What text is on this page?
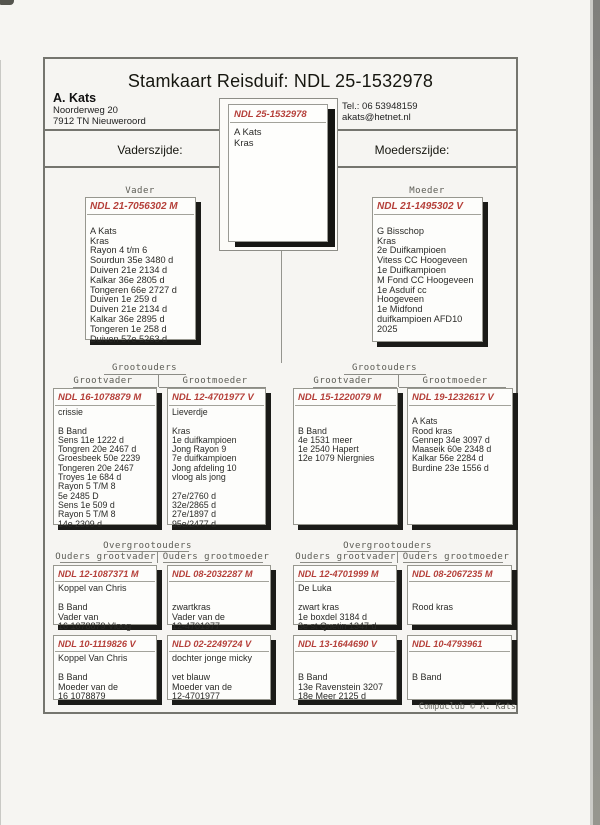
Stamkaart Reisduif: NDL 25-1532978
A. Kats
Noorderweg 20
7912 TN Nieuweroord
Tel.: 06 53948159
akats@hetnet.nl
Vaderszijde:	Moederszijde:
NDL 25-1532978
A Kats
Kras
Vader	Moeder
NDL 21-7056302 M

A Kats
Kras
Rayon 4 t/m 6
Sourdun 35e 3480 d
Duiven 21e 2134 d
Kalkar 36e 2805 d
Tongeren 66e 2727 d
Duiven 1e 259 d
Duiven 21e 2134 d
Kalkar 36e 2895 d
Tongeren 1e 258 d
Duiven 57e 5263 d
NDL 21-1495302 V

G Bisschop
Kras
2e Duifkampioen
Vitess CC Hoogeveen
1e Duifkampioen
M Fond CC Hoogeveen
1e Asduif cc
Hoogeveen
1e Midfond
duifkampioen AFD10
2025
Grootouders
Grootvader	Grootmoeder
Grootouders
Grootvader	Grootmoeder
NDL 16-1078879 M
crissie

B Band
Sens 11e 1222 d
Tongren 20e 2467 d
Groesbeek 50e 2239
Tongeren 20e 2467
Troyes 1e 684 d
Rayon 5 T/M 8
5e 2485 D
Sens 1e 509 d
Rayon 5 T/M 8
14e 2309 d
NDL 12-4701977 V
Lieverdje

Kras
1e duifkampioen
Jong Rayon 9
7e duifkampioen
Jong afdeling 10
vloog als jong

27e/2760 d
32e/2865 d
27e/1897 d
95e/2477 d
NDL 15-1220079 M

B Band
4e 1531 meer
1e 2540 Hapert
12e 1079 Niergnies
NDL 19-1232617 V

A Kats
Rood kras
Gennep 34e 3097 d
Maaseik 60e 2348 d
Kalkar 56e 2284 d
Burdine 23e 1556 d
Overgrootouders
Ouders grootvader Ouders grootmoeder
Overgrootouders
Ouders grootvader Ouders grootmoeder
NDL 12-1087371 M
Koppel van Chris

B Band
Vader van
16 1078879 Vloog
NDL 08-2032287 M

zwartkras
Vader van de
12-4701977
NDL 12-4701999 M
De Luka

zwart kras
1e boxdel 3184 d
3e st Quetin 1347 d
NDL 08-2067235 M

Rood kras
NDL 10-1119826 V
Koppel Van Chris

B Band
Moeder van de
16 1078879
NLD 02-2249724 V
dochter jonge micky

vet blauw
Moeder van de
12-4701977
NDL 13-1644690 V

B Band
13e Ravenstein 3207
18e Meer 2125 d
NDL 10-4793961

B Band
Compuclub © A. Kats
